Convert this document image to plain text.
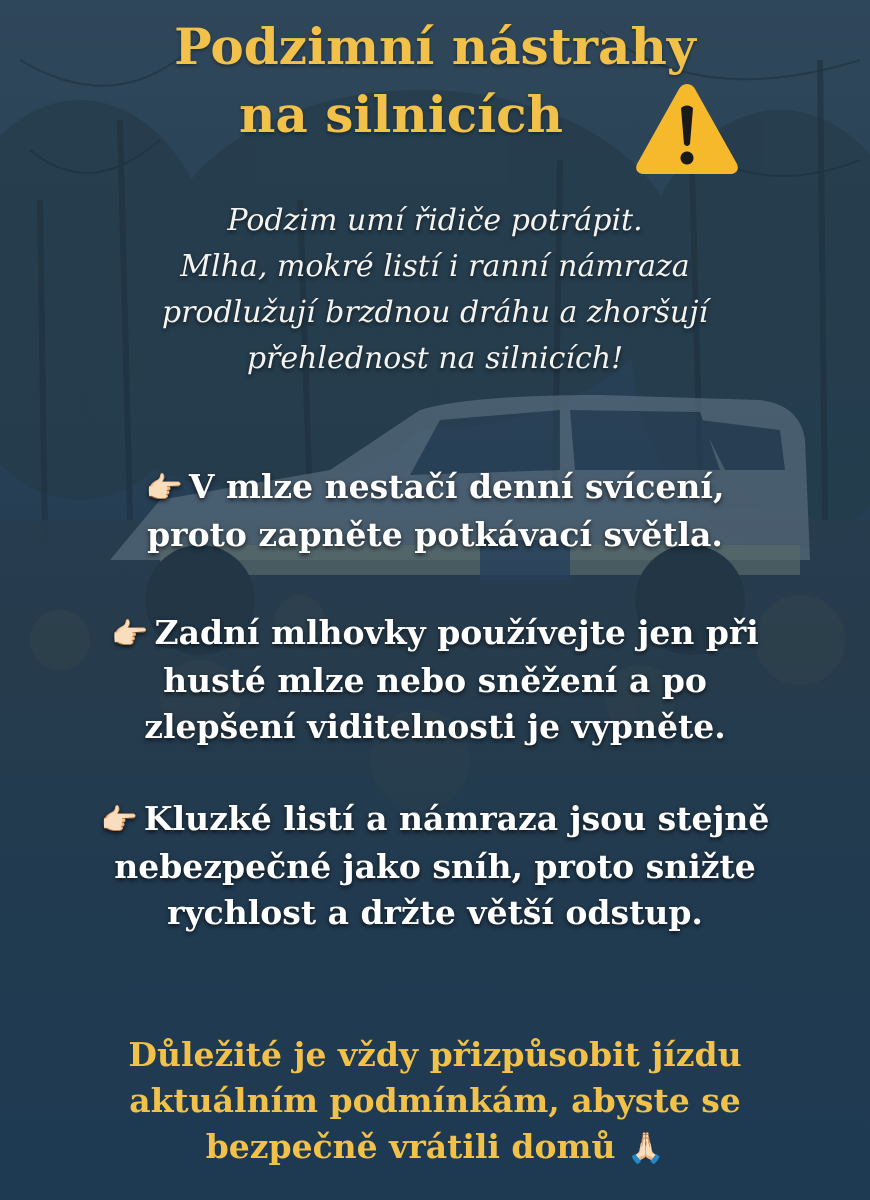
Podzimní nástrahy
na silnicích
Podzim umí řidiče potrápit.
Mlha, mokré listí i ranní námraza
prodlužují brzdnou dráhu a zhoršují
přehlednost na silnicích!
👉🏻 V mlze nestačí denní svícení,
proto zapněte potkávací světla.
👉🏻 Zadní mlhovky používejte jen při
husté mlze nebo sněžení a po
zlepšení viditelnosti je vypněte.
👉🏻 Kluzké listí a námraza jsou stejně
nebezpečné jako sníh, proto snižte
rychlost a držte větší odstup.
Důležité je vždy přizpůsobit jízdu
aktuálním podmínkám, abyste se
bezpečně vrátili domů 🙏🏻
